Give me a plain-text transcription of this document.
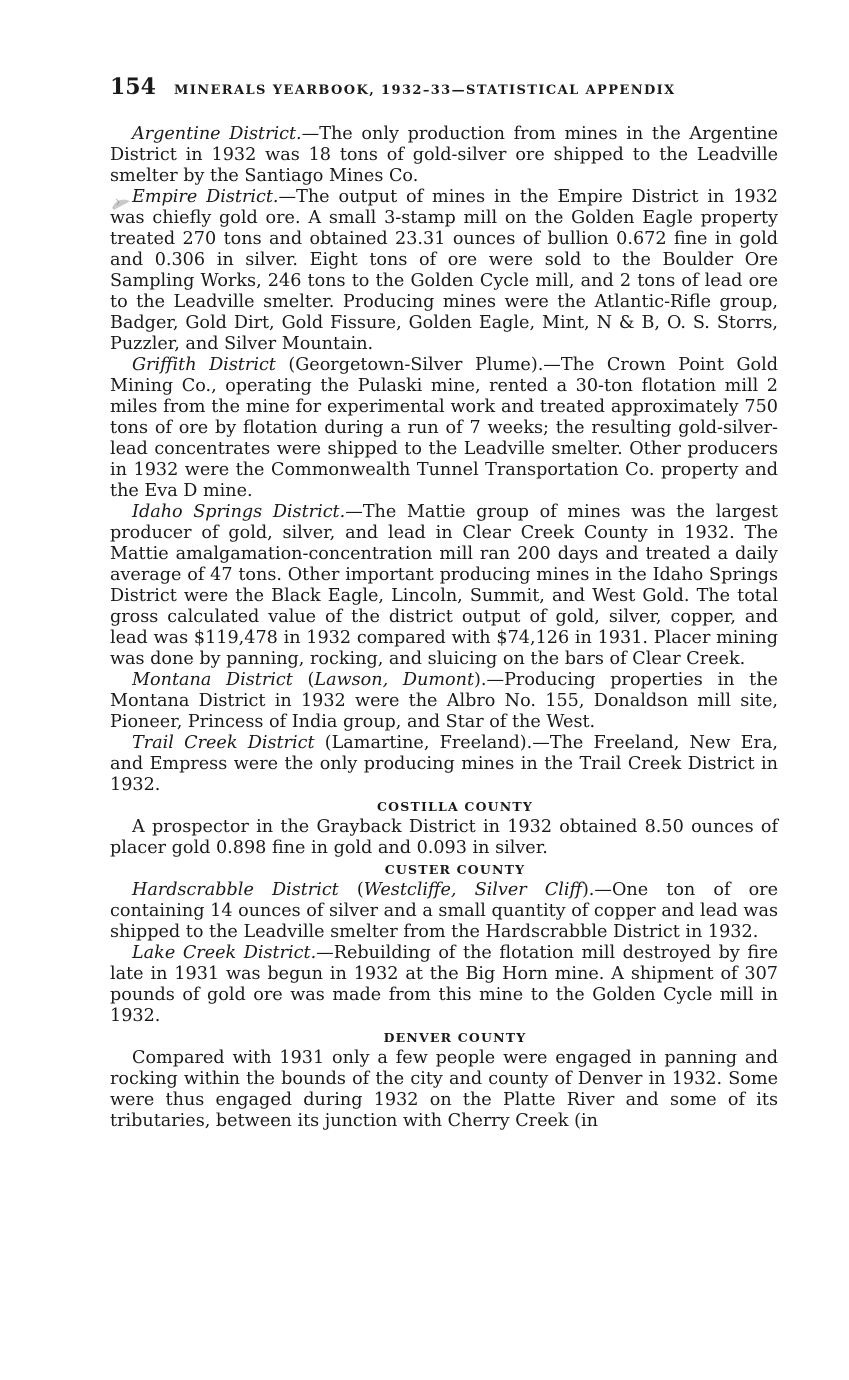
154 MINERALS YEARBOOK, 1932–33—STATISTICAL APPENDIX

Argentine District.—The only production from mines in the Argentine District in 1932 was 18 tons of gold-silver ore shipped to the Leadville smelter by the Santiago Mines Co.

Empire District.—The output of mines in the Empire District in 1932 was chiefly gold ore. A small 3-stamp mill on the Golden Eagle property treated 270 tons and obtained 23.31 ounces of bullion 0.672 fine in gold and 0.306 in silver. Eight tons of ore were sold to the Boulder Ore Sampling Works, 246 tons to the Golden Cycle mill, and 2 tons of lead ore to the Leadville smelter. Producing mines were the Atlantic-Rifle group, Badger, Gold Dirt, Gold Fissure, Golden Eagle, Mint, N & B, O. S. Storrs, Puzzler, and Silver Mountain.

Griffith District (Georgetown-Silver Plume).—The Crown Point Gold Mining Co., operating the Pulaski mine, rented a 30-ton flotation mill 2 miles from the mine for experimental work and treated approximately 750 tons of ore by flotation during a run of 7 weeks; the resulting gold-silver-lead concentrates were shipped to the Leadville smelter. Other producers in 1932 were the Commonwealth Tunnel Transportation Co. property and the Eva D mine.

Idaho Springs District.—The Mattie group of mines was the largest producer of gold, silver, and lead in Clear Creek County in 1932. The Mattie amalgamation-concentration mill ran 200 days and treated a daily average of 47 tons. Other important producing mines in the Idaho Springs District were the Black Eagle, Lincoln, Summit, and West Gold. The total gross calculated value of the district output of gold, silver, copper, and lead was $119,478 in 1932 compared with $74,126 in 1931. Placer mining was done by panning, rocking, and sluicing on the bars of Clear Creek.

Montana District (Lawson, Dumont).—Producing properties in the Montana District in 1932 were the Albro No. 155, Donaldson mill site, Pioneer, Princess of India group, and Star of the West.

Trail Creek District (Lamartine, Freeland).—The Freeland, New Era, and Empress were the only producing mines in the Trail Creek District in 1932.

COSTILLA COUNTY

A prospector in the Grayback District in 1932 obtained 8.50 ounces of placer gold 0.898 fine in gold and 0.093 in silver.

CUSTER COUNTY

Hardscrabble District (Westcliffe, Silver Cliff).—One ton of ore containing 14 ounces of silver and a small quantity of copper and lead was shipped to the Leadville smelter from the Hardscrabble District in 1932.

Lake Creek District.—Rebuilding of the flotation mill destroyed by fire late in 1931 was begun in 1932 at the Big Horn mine. A shipment of 307 pounds of gold ore was made from this mine to the Golden Cycle mill in 1932.

DENVER COUNTY

Compared with 1931 only a few people were engaged in panning and rocking within the bounds of the city and county of Denver in 1932. Some were thus engaged during 1932 on the Platte River and some of its tributaries, between its junction with Cherry Creek (in
